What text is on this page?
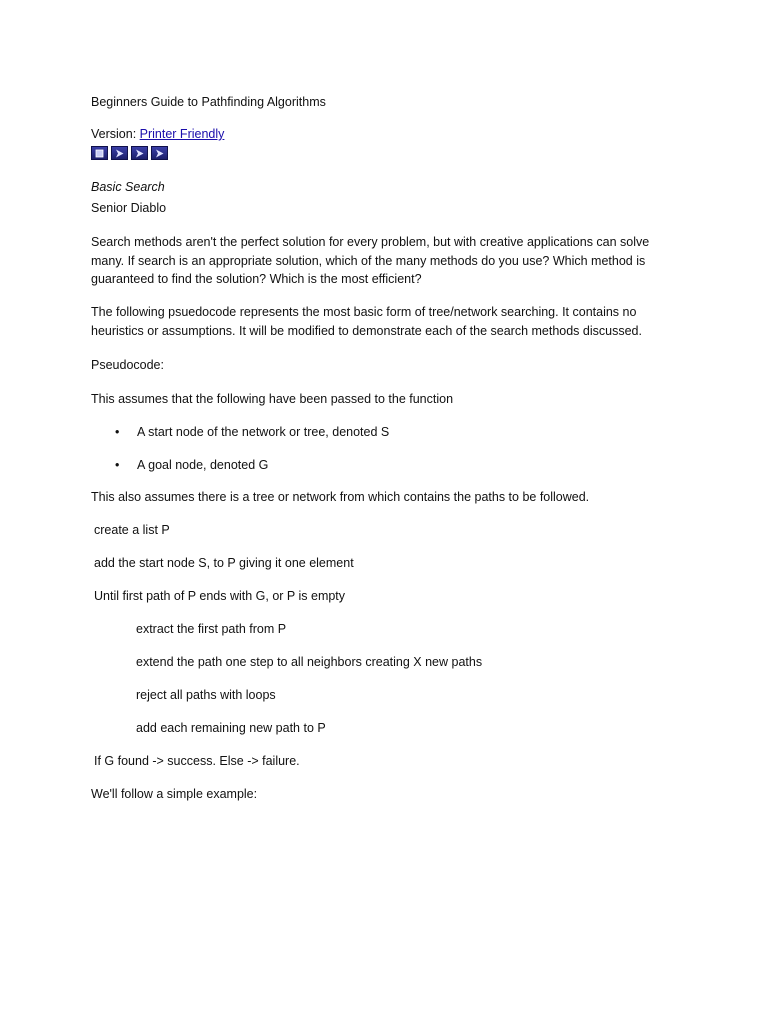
Beginners Guide to Pathfinding Algorithms
Version: Printer Friendly
Basic Search
Senior Diablo
Search methods aren't the perfect solution for every problem, but with creative applications can solve
many. If search is an appropriate solution, which of the many methods do you use? Which method is
guaranteed to find the solution? Which is the most efficient?
The following psuedocode represents the most basic form of tree/network searching. It contains no
heuristics or assumptions. It will be modified to demonstrate each of the search methods discussed.
Pseudocode:
This assumes that the following have been passed to the function
• A start node of the network or tree, denoted S
• A goal node, denoted G
This also assumes there is a tree or network from which contains the paths to be followed.
create a list P
add the start node S, to P giving it one element
Until first path of P ends with G, or P is empty
extract the first path from P
extend the path one step to all neighbors creating X new paths
reject all paths with loops
add each remaining new path to P
If G found -> success. Else -> failure.
We'll follow a simple example:
